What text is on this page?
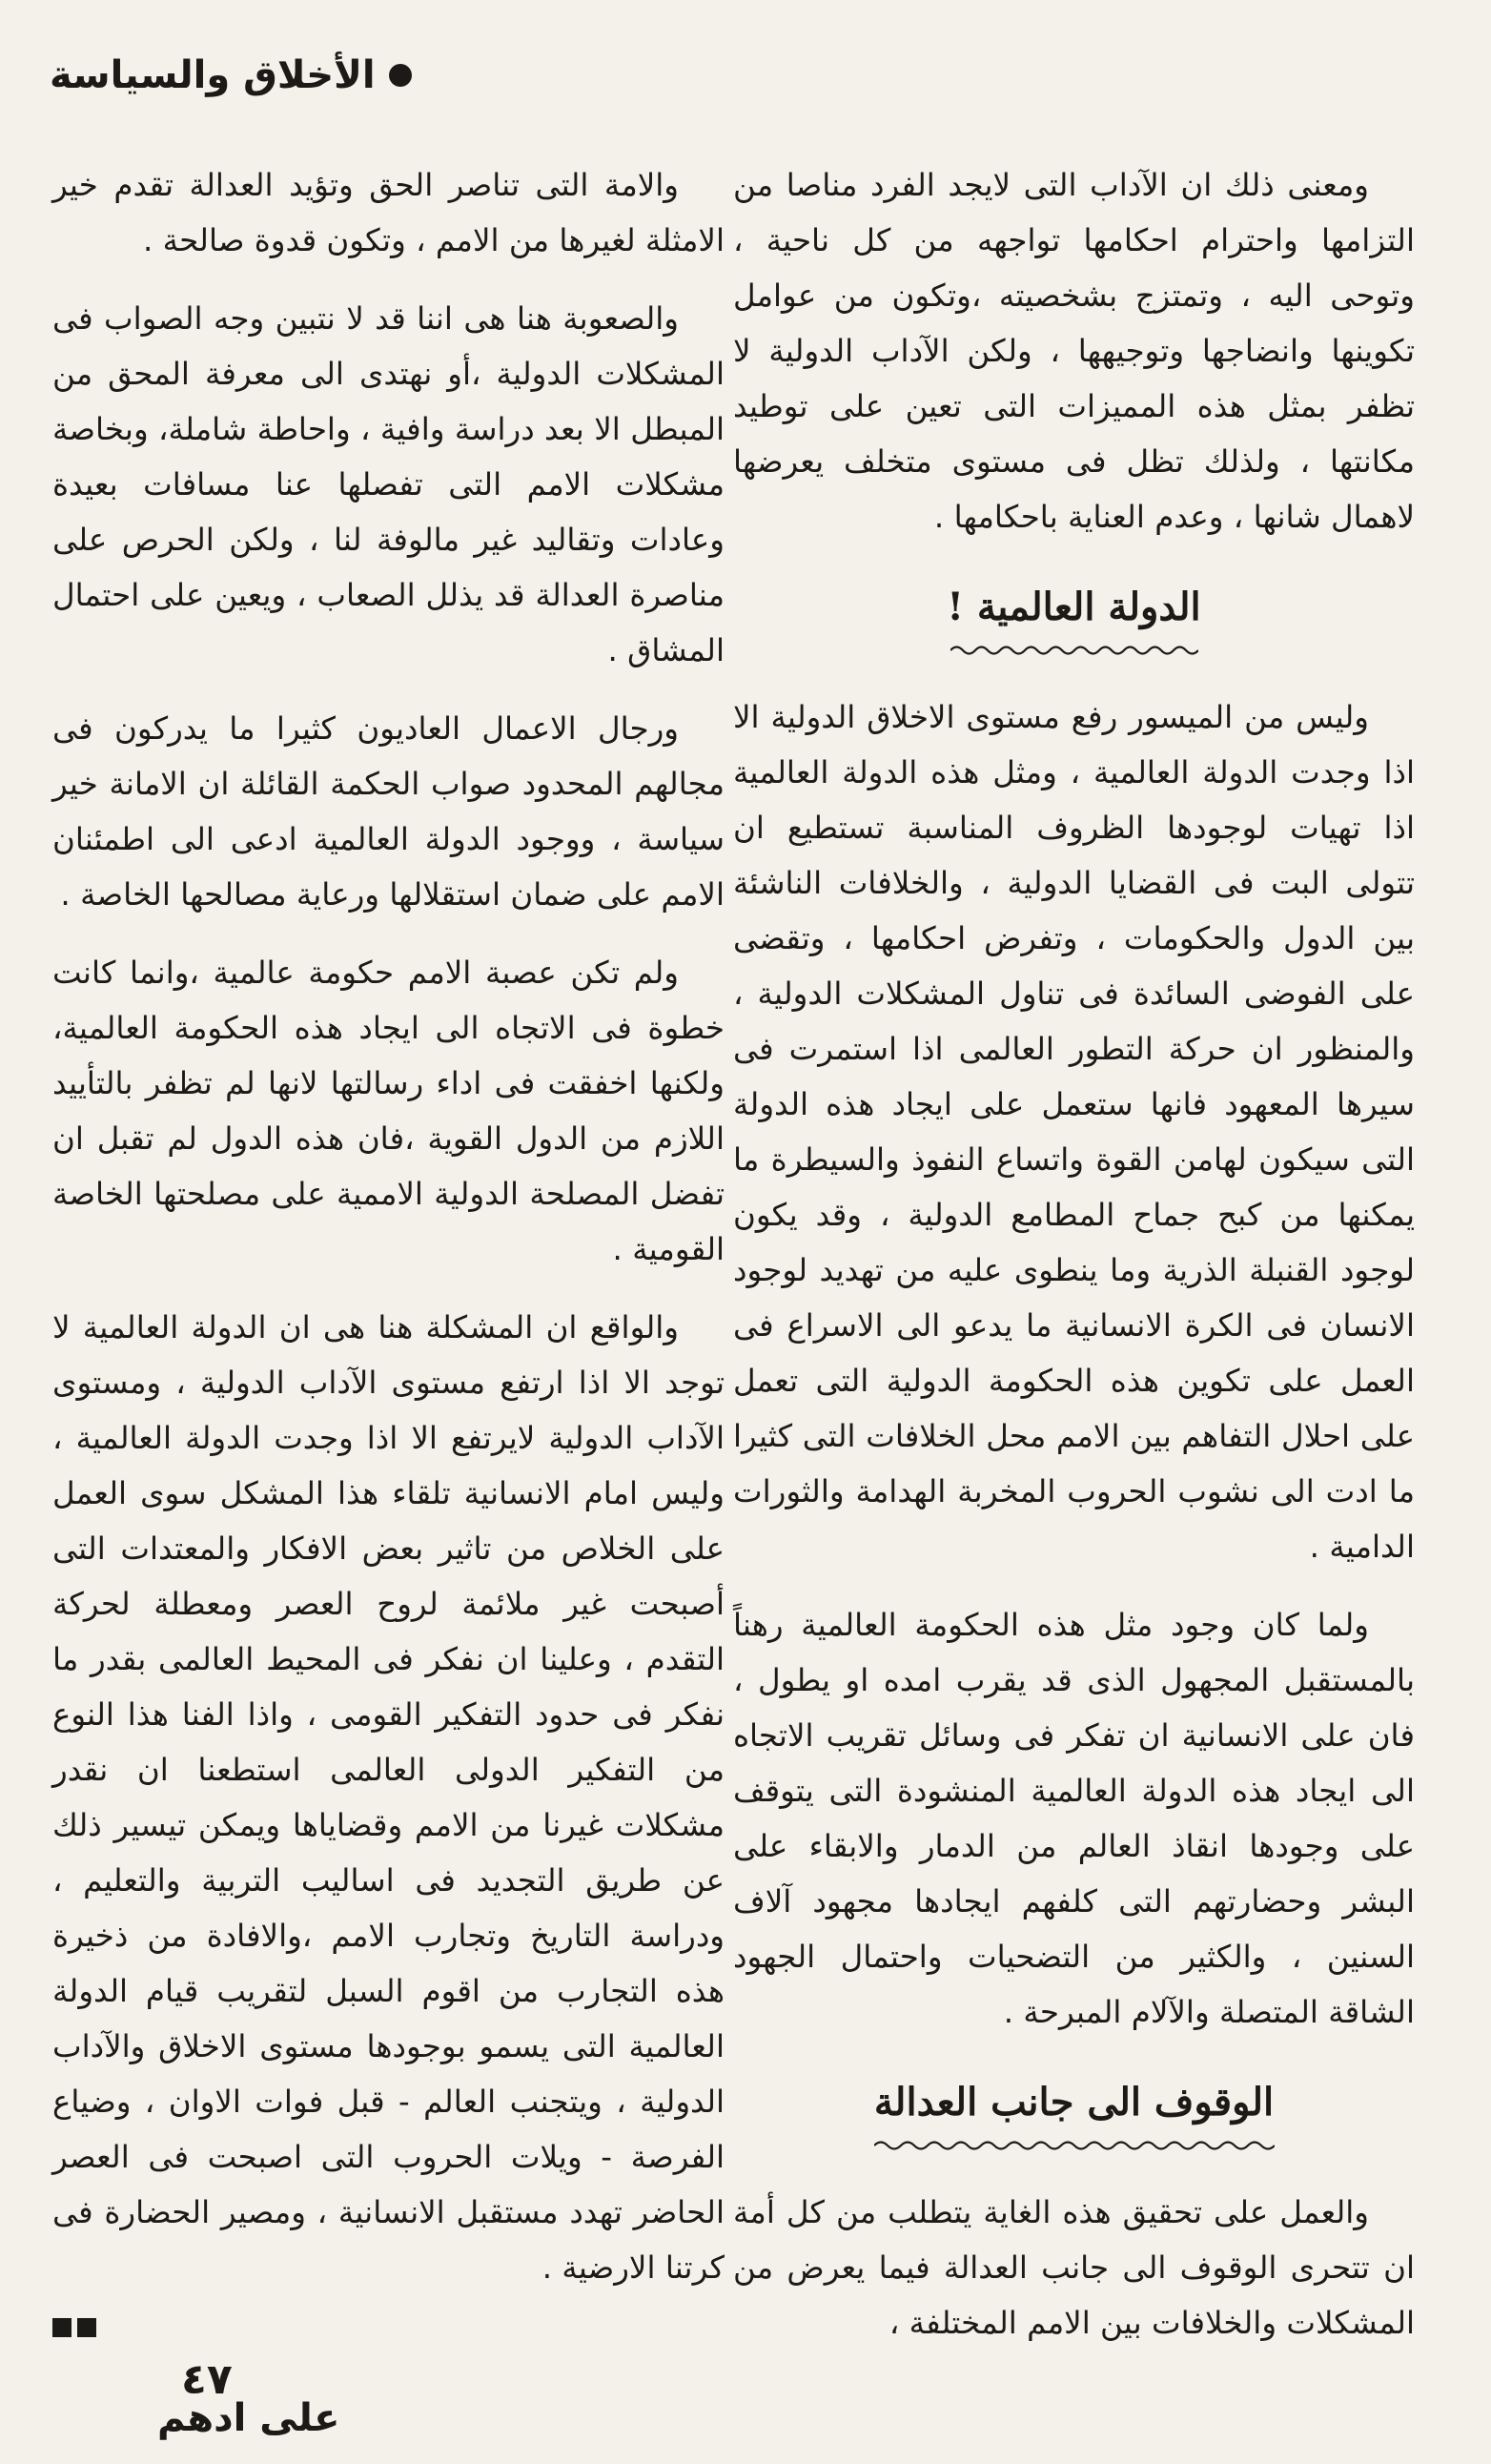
الأخلاق والسياسة

ومعنى ذلك ان الآداب التى لايجد الفرد مناصا من التزامها واحترام احكامها تواجهه من كل ناحية ، وتوحى اليه ، وتمتزج بشخصيته ،وتكون من عوامل تكوينها وانضاجها وتوجيهها ، ولكن الآداب الدولية لا تظفر بمثل هذه المميزات التى تعين على توطيد مكانتها ، ولذلك تظل فى مستوى متخلف يعرضها لاهمال شانها ، وعدم العناية باحكامها .

الدولة العالمية !

وليس من الميسور رفع مستوى الاخلاق الدولية الا اذا وجدت الدولة العالمية ، ومثل هذه الدولة العالمية اذا تهيات لوجودها الظروف المناسبة تستطيع ان تتولى البت فى القضايا الدولية ، والخلافات الناشئة بين الدول والحكومات ، وتفرض احكامها ، وتقضى على الفوضى السائدة فى تناول المشكلات الدولية ، والمنظور ان حركة التطور العالمى اذا استمرت فى سيرها المعهود فانها ستعمل على ايجاد هذه الدولة التى سيكون لهامن القوة واتساع النفوذ والسيطرة ما يمكنها من كبح جماح المطامع الدولية ، وقد يكون لوجود القنبلة الذرية وما ينطوى عليه من تهديد لوجود الانسان فى الكرة الانسانية ما يدعو الى الاسراع فى العمل على تكوين هذه الحكومة الدولية التى تعمل على احلال التفاهم بين الامم محل الخلافات التى كثيرا ما ادت الى نشوب الحروب المخربة الهدامة والثورات الدامية .

ولما كان وجود مثل هذه الحكومة العالمية رهناً بالمستقبل المجهول الذى قد يقرب امده او يطول ، فان على الانسانية ان تفكر فى وسائل تقريب الاتجاه الى ايجاد هذه الدولة العالمية المنشودة التى يتوقف على وجودها انقاذ العالم من الدمار والابقاء على البشر وحضارتهم التى كلفهم ايجادها مجهود آلاف السنين ، والكثير من التضحيات واحتمال الجهود الشاقة المتصلة والآلام المبرحة .

الوقوف الى جانب العدالة

والعمل على تحقيق هذه الغاية يتطلب من كل أمة ان تتحرى الوقوف الى جانب العدالة فيما يعرض من المشكلات والخلافات بين الامم المختلفة ،

والامة التى تناصر الحق وتؤيد العدالة تقدم خير الامثلة لغيرها من الامم ، وتكون قدوة صالحة .

والصعوبة هنا هى اننا قد لا نتبين وجه الصواب فى المشكلات الدولية ،أو نهتدى الى معرفة المحق من المبطل الا بعد دراسة وافية ، واحاطة شاملة، وبخاصة مشكلات الامم التى تفصلها عنا مسافات بعيدة وعادات وتقاليد غير مالوفة لنا ، ولكن الحرص على مناصرة العدالة قد يذلل الصعاب ، ويعين على احتمال المشاق .

ورجال الاعمال العاديون كثيرا ما يدركون فى مجالهم المحدود صواب الحكمة القائلة ان الامانة خير سياسة ، ووجود الدولة العالمية ادعى الى اطمئنان الامم على ضمان استقلالها ورعاية مصالحها الخاصة .

ولم تكن عصبة الامم حكومة عالمية ،وانما كانت خطوة فى الاتجاه الى ايجاد هذه الحكومة العالمية، ولكنها اخفقت فى اداء رسالتها لانها لم تظفر بالتأييد اللازم من الدول القوية ،فان هذه الدول لم تقبل ان تفضل المصلحة الدولية الاممية على مصلحتها الخاصة القومية .

والواقع ان المشكلة هنا هى ان الدولة العالمية لا توجد الا اذا ارتفع مستوى الآداب الدولية ، ومستوى الآداب الدولية لايرتفع الا اذا وجدت الدولة العالمية ، وليس امام الانسانية تلقاء هذا المشكل سوى العمل على الخلاص من تاثير بعض الافكار والمعتدات التى أصبحت غير ملائمة لروح العصر ومعطلة لحركة التقدم ، وعلينا ان نفكر فى المحيط العالمى بقدر ما نفكر فى حدود التفكير القومى ، واذا الفنا هذا النوع من التفكير الدولى العالمى استطعنا ان نقدر مشكلات غيرنا من الامم وقضاياها ويمكن تيسير ذلك عن طريق التجديد فى اساليب التربية والتعليم ، ودراسة التاريخ وتجارب الامم ،والافادة من ذخيرة هذه التجارب من اقوم السبل لتقريب قيام الدولة العالمية التى يسمو بوجودها مستوى الاخلاق والآداب الدولية ، ويتجنب العالم - قبل فوات الاوان ، وضياع الفرصة - ويلات الحروب التى اصبحت فى العصر الحاضر تهدد مستقبل الانسانية ، ومصير الحضارة فى كرتنا الارضية .

على ادهم
٤٧
